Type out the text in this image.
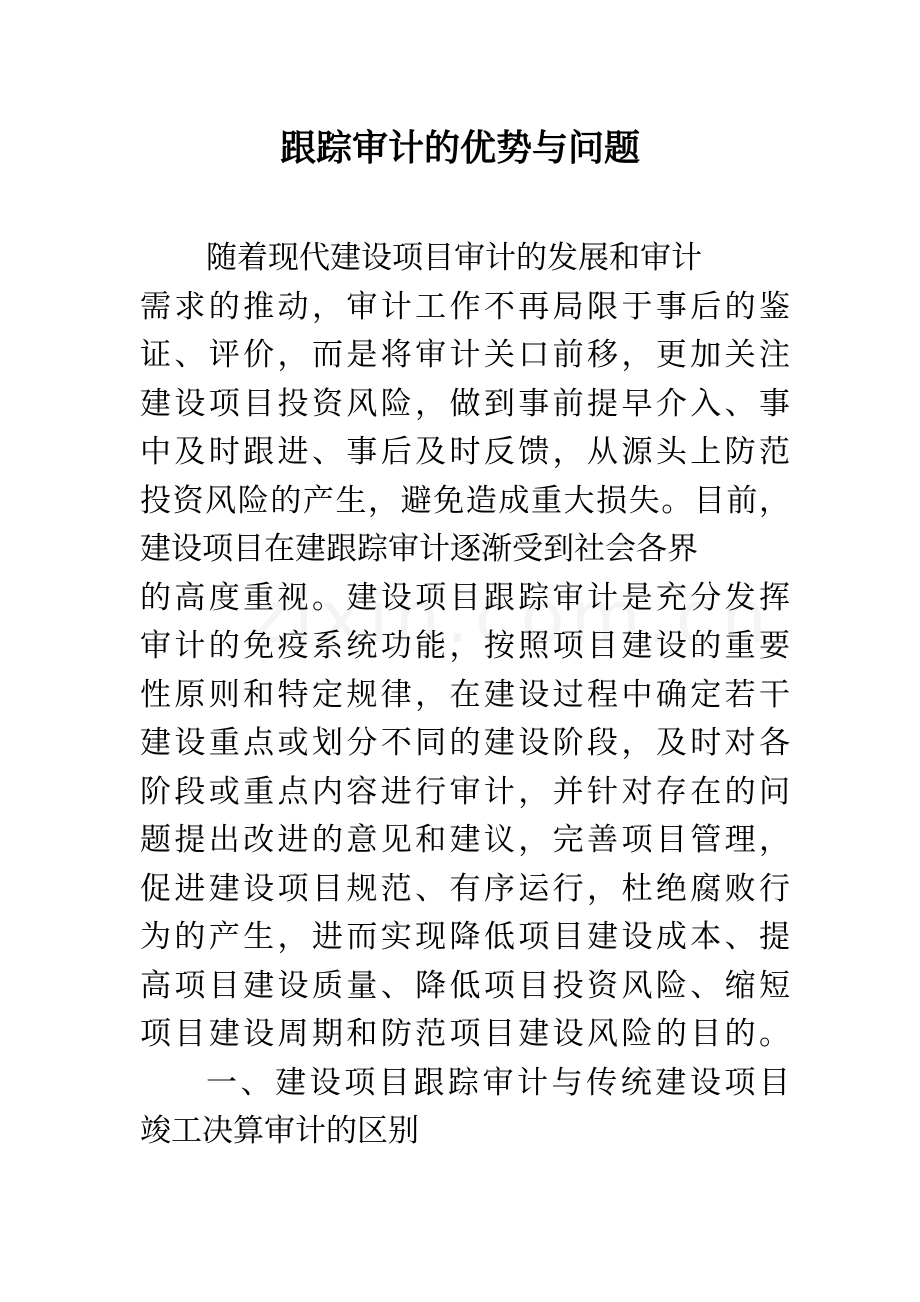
跟踪审计的优势与问题
随着现代建设项目审计的发展和审计
需求的推动，审计工作不再局限于事后的鉴
证、评价，而是将审计关口前移，更加关注
建设项目投资风险，做到事前提早介入、事
中及时跟进、事后及时反馈，从源头上防范
投资风险的产生，避免造成重大损失。目前，
建设项目在建跟踪审计逐渐受到社会各界
的高度重视。建设项目跟踪审计是充分发挥
审计的免疫系统功能，按照项目建设的重要
性原则和特定规律，在建设过程中确定若干
建设重点或划分不同的建设阶段，及时对各
阶段或重点内容进行审计，并针对存在的问
题提出改进的意见和建议，完善项目管理，
促进建设项目规范、有序运行，杜绝腐败行
为的产生，进而实现降低项目建设成本、提
高项目建设质量、降低项目投资风险、缩短
项目建设周期和防范项目建设风险的目的。
一、建设项目跟踪审计与传统建设项目
竣工决算审计的区别
